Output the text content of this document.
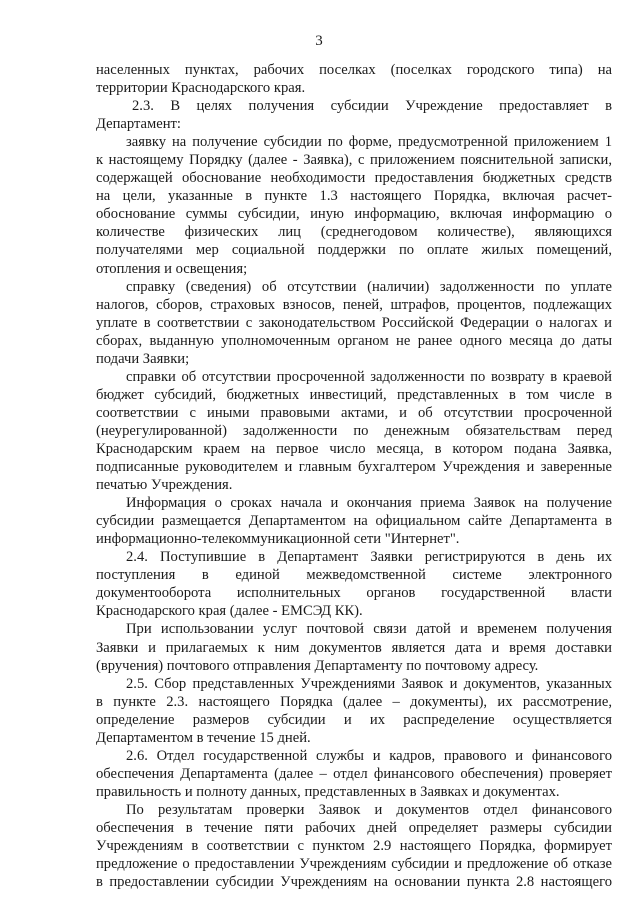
3
населенных пунктах, рабочих поселках (поселках городского типа) на
территории Краснодарского края.
2.3. В целях получения субсидии Учреждение предоставляет в
Департамент:
заявку на получение субсидии по форме, предусмотренной приложением 1
к настоящему Порядку (далее - Заявка), с приложением пояснительной записки,
содержащей обоснование необходимости предоставления бюджетных средств
на цели, указанные в пункте 1.3 настоящего Порядка, включая расчет-
обоснование суммы субсидии, иную информацию, включая информацию о
количестве физических лиц (среднегодовом количестве), являющихся
получателями мер социальной поддержки по оплате жилых помещений,
отопления и освещения;
справку (сведения) об отсутствии (наличии) задолженности по уплате
налогов, сборов, страховых взносов, пеней, штрафов, процентов, подлежащих
уплате в соответствии с законодательством Российской Федерации о налогах и
сборах, выданную уполномоченным органом не ранее одного месяца до даты
подачи Заявки;
справки об отсутствии просроченной задолженности по возврату в краевой
бюджет субсидий, бюджетных инвестиций, представленных в том числе в
соответствии с иными правовыми актами, и об отсутствии просроченной
(неурегулированной) задолженности по денежным обязательствам перед
Краснодарским краем на первое число месяца, в котором подана Заявка,
подписанные руководителем и главным бухгалтером Учреждения и заверенные
печатью Учреждения.
Информация о сроках начала и окончания приема Заявок на получение
субсидии размещается Департаментом на официальном сайте Департамента в
информационно-телекоммуникационной сети "Интернет".
2.4. Поступившие в Департамент Заявки регистрируются в день их
поступления в единой межведомственной системе электронного
документооборота исполнительных органов государственной власти
Краснодарского края (далее - ЕМСЭД КК).
При использовании услуг почтовой связи датой и временем получения
Заявки и прилагаемых к ним документов является дата и время доставки
(вручения) почтового отправления Департаменту по почтовому адресу.
2.5. Сбор представленных Учреждениями Заявок и документов, указанных
в пункте 2.3. настоящего Порядка (далее – документы), их рассмотрение,
определение размеров субсидии и их распределение осуществляется
Департаментом в течение 15 дней.
2.6. Отдел государственной службы и кадров, правового и финансового
обеспечения Департамента (далее – отдел финансового обеспечения) проверяет
правильность и полноту данных, представленных в Заявках и документах.
По результатам проверки Заявок и документов отдел финансового
обеспечения в течение пяти рабочих дней определяет размеры субсидии
Учреждениям в соответствии с пунктом 2.9 настоящего Порядка, формирует
предложение о предоставлении Учреждениям субсидии и предложение об отказе
в предоставлении субсидии Учреждениям на основании пункта 2.8 настоящего
